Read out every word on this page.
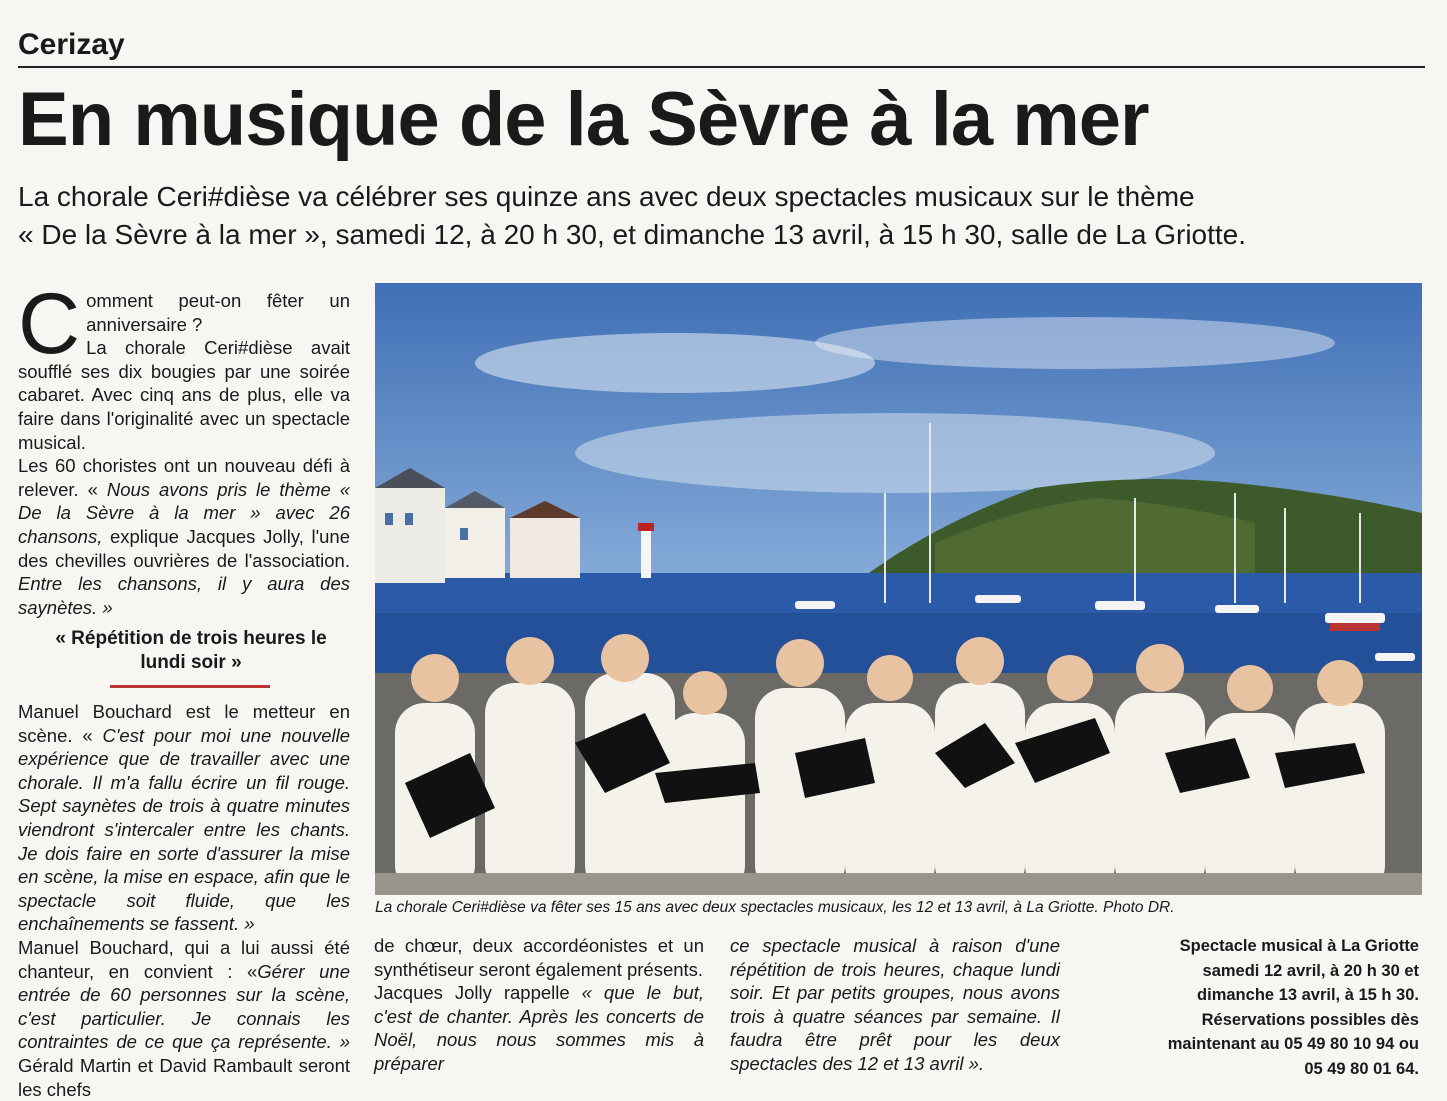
Cerizay
En musique de la Sèvre à la mer
La chorale Ceri#dièse va célébrer ses quinze ans avec deux spectacles musicaux sur le thème
« De la Sèvre à la mer », samedi 12, à 20 h 30, et dimanche 13 avril, à 15 h 30, salle de La Griotte.

Comment peut-on fêter un anniversaire ?

La chorale Ceri#dièse avait soufflé ses dix bougies par une soirée cabaret. Avec cinq ans de plus, elle va faire dans l'originalité avec un spectacle musical.

Les 60 choristes ont un nouveau défi à relever. « Nous avons pris le thème « De la Sèvre à la mer » avec 26 chansons, explique Jacques Jolly, l'une des chevilles ouvrières de l'association. Entre les chansons, il y aura des saynètes. »

« Répétition de trois heures le lundi soir »

Manuel Bouchard est le metteur en scène. « C'est pour moi une nouvelle expérience que de travailler avec une chorale. Il m'a fallu écrire un fil rouge. Sept saynètes de trois à quatre minutes viendront s'intercaler entre les chants. Je dois faire en sorte d'assurer la mise en scène, la mise en espace, afin que le spectacle soit fluide, que les enchaînements se fassent. »

Manuel Bouchard, qui a lui aussi été chanteur, en convient : «Gérer une entrée de 60 personnes sur la scène, c'est particulier. Je connais les contraintes de ce que ça représente. » Gérald Martin et David Rambault seront les chefs

La chorale Ceri#dièse va fêter ses 15 ans avec deux spectacles musicaux, les 12 et 13 avril, à La Griotte. Photo DR.

de chœur, deux accordéonistes et un synthétiseur seront également présents.

Jacques Jolly rappelle « que le but, c'est de chanter. Après les concerts de Noël, nous nous sommes mis à préparer

ce spectacle musical à raison d'une répétition de trois heures, chaque lundi soir. Et par petits groupes, nous avons trois à quatre séances par semaine. Il faudra être prêt pour les deux spectacles des 12 et 13 avril ».

Spectacle musical à La Griotte
samedi 12 avril, à 20 h 30 et
dimanche 13 avril, à 15 h 30.
Réservations possibles dès
maintenant au 05 49 80 10 94 ou
05 49 80 01 64.
